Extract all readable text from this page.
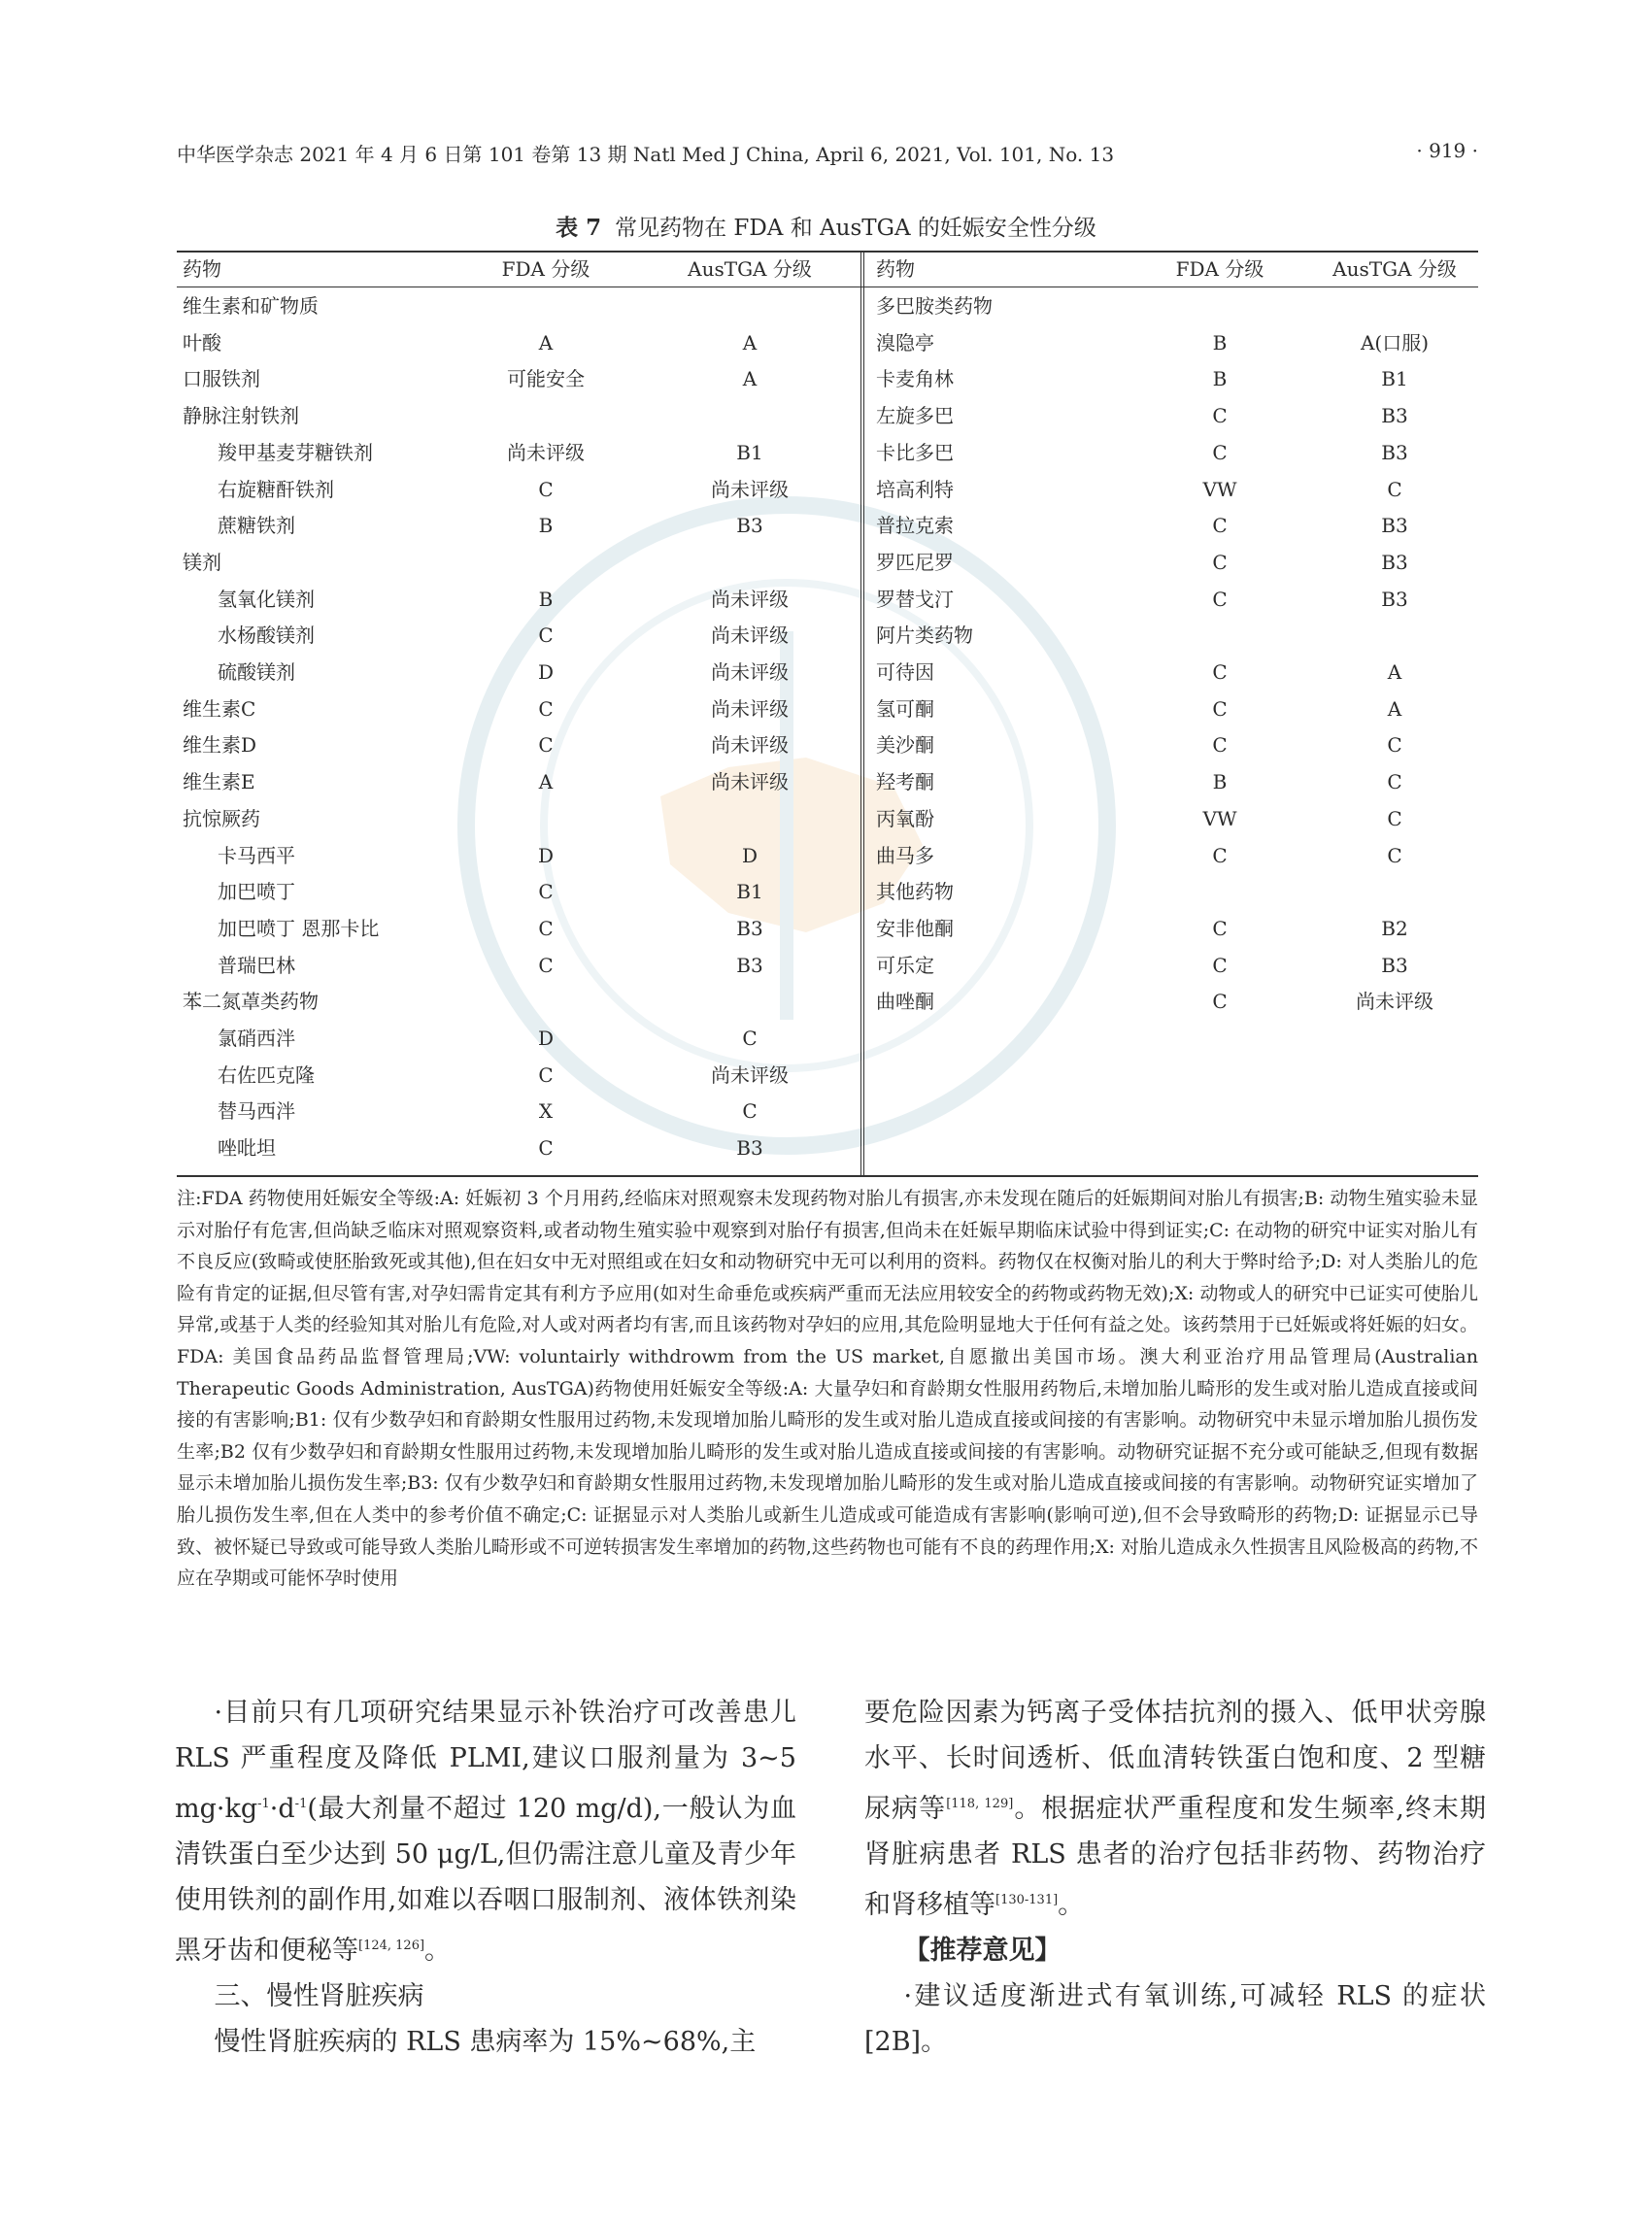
中华医学杂志 2021 年 4 月 6 日第 101 卷第 13 期 Natl Med J China, April 6, 2021, Vol. 101, No. 13	· 919 ·
表 7 常见药物在 FDA 和 AusTGA 的妊娠安全性分级
药物	FDA 分级	AusTGA 分级
维生素和矿物质
叶酸	A	A
口服铁剂	可能安全	A
静脉注射铁剂
羧甲基麦芽糖铁剂	尚未评级	B1
右旋糖酐铁剂	C	尚未评级
蔗糖铁剂	B	B3
镁剂
氢氧化镁剂	B	尚未评级
水杨酸镁剂	C	尚未评级
硫酸镁剂	D	尚未评级
维生素C	C	尚未评级
维生素D	C	尚未评级
维生素E	A	尚未评级
抗惊厥药
卡马西平	D	D
加巴喷丁	C	B1
加巴喷丁 恩那卡比	C	B3
普瑞巴林	C	B3
苯二氮䓬类药物
氯硝西泮	D	C
右佐匹克隆	C	尚未评级
替马西泮	X	C
唑吡坦	C	B3
药物	FDA 分级	AusTGA 分级
多巴胺类药物
溴隐亭	B	A(口服)
卡麦角林	B	B1
左旋多巴	C	B3
卡比多巴	C	B3
培高利特	VW	C
普拉克索	C	B3
罗匹尼罗	C	B3
罗替戈汀	C	B3
阿片类药物
可待因	C	A
氢可酮	C	A
美沙酮	C	C
羟考酮	B	C
丙氧酚	VW	C
曲马多	C	C
其他药物
安非他酮	C	B2
可乐定	C	B3
曲唑酮	C	尚未评级
注:FDA 药物使用妊娠安全等级:A: 妊娠初 3 个月用药,经临床对照观察未发现药物对胎儿有损害,亦未发现在随后的妊娠期间对胎儿有损害;B: 动物生殖实验未显示对胎仔有危害,但尚缺乏临床对照观察资料,或者动物生殖实验中观察到对胎仔有损害,但尚未在妊娠早期临床试验中得到证实;C: 在动物的研究中证实对胎儿有不良反应(致畸或使胚胎致死或其他),但在妇女中无对照组或在妇女和动物研究中无可以利用的资料。药物仅在权衡对胎儿的利大于弊时给予;D: 对人类胎儿的危险有肯定的证据,但尽管有害,对孕妇需肯定其有利方予应用(如对生命垂危或疾病严重而无法应用较安全的药物或药物无效);X: 动物或人的研究中已证实可使胎儿异常,或基于人类的经验知其对胎儿有危险,对人或对两者均有害,而且该药物对孕妇的应用,其危险明显地大于任何有益之处。该药禁用于已妊娠或将妊娠的妇女。FDA: 美国食品药品监督管理局;VW: voluntairly withdrowm from the US market,自愿撤出美国市场。澳大利亚治疗用品管理局(Australian Therapeutic Goods Administration, AusTGA)药物使用妊娠安全等级:A: 大量孕妇和育龄期女性服用药物后,未增加胎儿畸形的发生或对胎儿造成直接或间接的有害影响;B1: 仅有少数孕妇和育龄期女性服用过药物,未发现增加胎儿畸形的发生或对胎儿造成直接或间接的有害影响。动物研究中未显示增加胎儿损伤发生率;B2 仅有少数孕妇和育龄期女性服用过药物,未发现增加胎儿畸形的发生或对胎儿造成直接或间接的有害影响。动物研究证据不充分或可能缺乏,但现有数据显示未增加胎儿损伤发生率;B3: 仅有少数孕妇和育龄期女性服用过药物,未发现增加胎儿畸形的发生或对胎儿造成直接或间接的有害影响。动物研究证实增加了胎儿损伤发生率,但在人类中的参考价值不确定;C: 证据显示对人类胎儿或新生儿造成或可能造成有害影响(影响可逆),但不会导致畸形的药物;D: 证据显示已导致、被怀疑已导致或可能导致人类胎儿畸形或不可逆转损害发生率增加的药物,这些药物也可能有不良的药理作用;X: 对胎儿造成永久性损害且风险极高的药物,不应在孕期或可能怀孕时使用

·目前只有几项研究结果显示补铁治疗可改善患儿 RLS 严重程度及降低 PLMI,建议口服剂量为 3~5 $mg\cdot kg^{-1}\cdot d^{-1}$(最大剂量不超过 120 mg/d),一般认为血清铁蛋白至少达到 50 μg/L,但仍需注意儿童及青少年使用铁剂的副作用,如难以吞咽口服制剂、液体铁剂染黑牙齿和便秘等[124, 126]。

三、慢性肾脏疾病

慢性肾脏疾病的 RLS 患病率为 15%~68%,主

要危险因素为钙离子受体拮抗剂的摄入、低甲状旁腺水平、长时间透析、低血清转铁蛋白饱和度、2 型糖尿病等[118, 129]。根据症状严重程度和发生频率,终末期肾脏病患者 RLS 患者的治疗包括非药物、药物治疗和肾移植等[130-131]。

【推荐意见】

·建议适度渐进式有氧训练,可减轻 RLS 的症状[2B]。
